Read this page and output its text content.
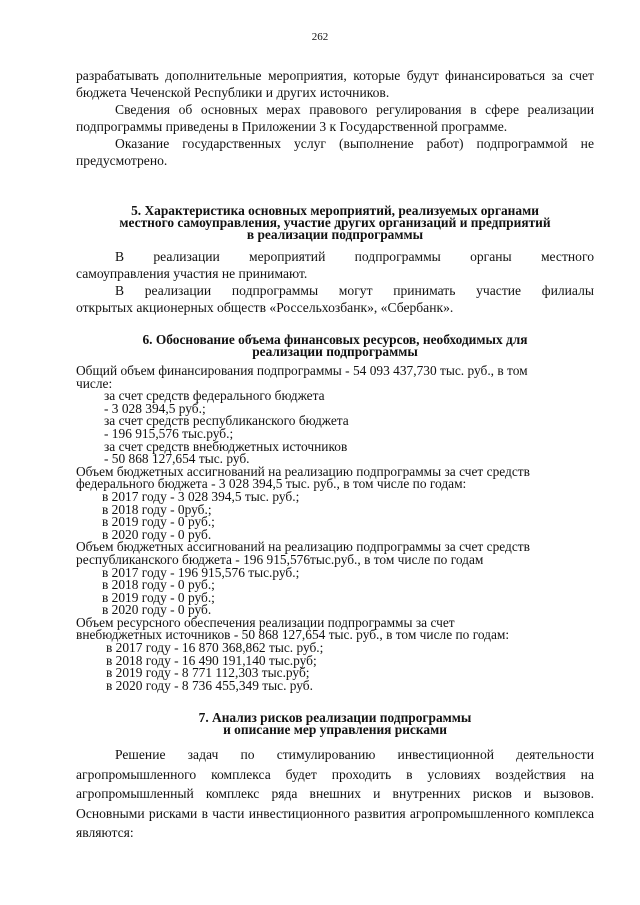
262

разрабатывать дополнительные мероприятия, которые будут финансироваться за счет бюджета Чеченской Республики и других источников.

Сведения об основных мерах правового регулирования в сфере реализации подпрограммы приведены в Приложении 3 к Государственной программе.

Оказание государственных услуг (выполнение работ) подпрограммой не предусмотрено.

5. Характеристика основных мероприятий, реализуемых органами

местного самоуправления, участие других организаций и предприятий

в реализации подпрограммы

В реализации мероприятий подпрограммы органы местного

самоуправления участия не принимают.

В реализации подпрограммы могут принимать участие филиалы

открытых акционерных обществ «Россельхозбанк», «Сбербанк».

6. Обоснование объема финансовых ресурсов, необходимых для

реализации подпрограммы

Общий объем финансирования подпрограммы - 54 093 437,730 тыс. руб., в том
числе:
за счет средств федерального бюджета
- 3 028 394,5 руб.;
за счет средств республиканского бюджета
- 196 915,576 тыс.руб.;
за счет средств внебюджетных источников
- 50 868 127,654 тыс. руб.
Объем бюджетных ассигнований на реализацию подпрограммы за счет средств
федерального бюджета - 3 028 394,5 тыс. руб., в том числе по годам:
в 2017 году - 3 028 394,5 тыс. руб.;
в 2018 году - 0руб.;
в 2019 году - 0 руб.;
в 2020 году - 0 руб.
Объем бюджетных ассигнований на реализацию подпрограммы за счет средств
республиканского бюджета - 196 915,576тыс.руб., в том числе по годам
в 2017 году - 196 915,576 тыс.руб.;
в 2018 году - 0 руб.;
в 2019 году - 0 руб.;
в 2020 году - 0 руб.
Объем ресурсного обеспечения реализации подпрограммы за счет
внебюджетных источников - 50 868 127,654 тыс. руб., в том числе по годам:
в 2017 году - 16 870 368,862 тыс. руб.;
в 2018 году - 16 490 191,140 тыс.руб;
в 2019 году - 8 771 112,303 тыс.руб;
в 2020 году - 8 736 455,349 тыс. руб.

7. Анализ рисков реализации подпрограммы

и описание мер управления рисками

Решение задач по стимулированию инвестиционной деятельности агропромышленного комплекса будет проходить в условиях воздействия на агропромышленный комплекс ряда внешних и внутренних рисков и вызовов. Основными рисками в части инвестиционного развития агропромышленного комплекса являются:
